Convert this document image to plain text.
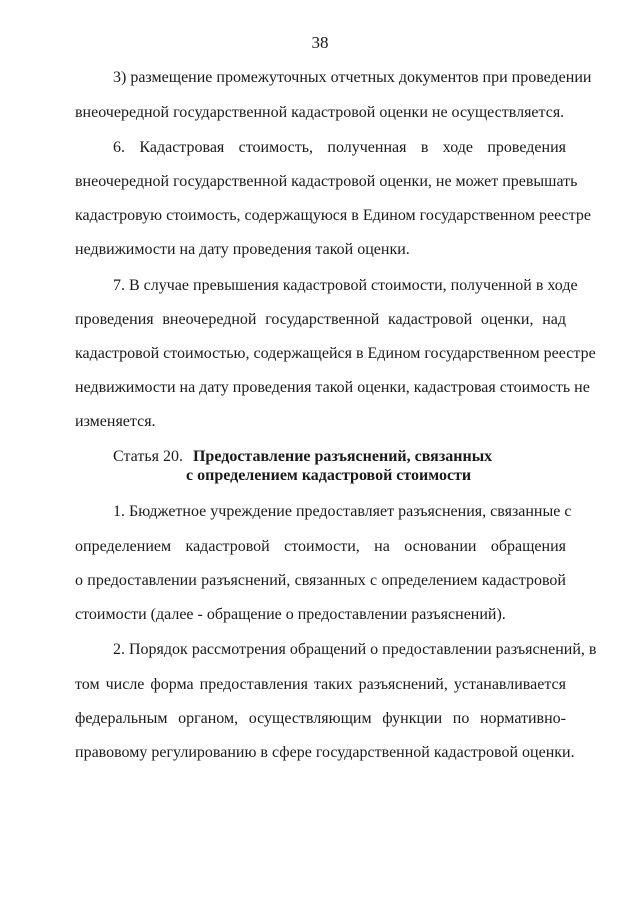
38
3) размещение промежуточных отчетных документов при проведении
внеочередной государственной кадастровой оценки не осуществляется.
6. Кадастровая стоимость, полученная в ходе проведения
внеочередной государственной кадастровой оценки, не может превышать
кадастровую стоимость, содержащуюся в Едином государственном реестре
недвижимости на дату проведения такой оценки.
7. В случае превышения кадастровой стоимости, полученной в ходе
проведения внеочередной государственной кадастровой оценки, над
кадастровой стоимостью, содержащейся в Едином государственном реестре
недвижимости на дату проведения такой оценки, кадастровая стоимость не
изменяется.
Статья 20. Предоставление разъяснений, связанных
с определением кадастровой стоимости
1. Бюджетное учреждение предоставляет разъяснения, связанные с
определением кадастровой стоимости, на основании обращения
о предоставлении разъяснений, связанных с определением кадастровой
стоимости (далее - обращение о предоставлении разъяснений).
2. Порядок рассмотрения обращений о предоставлении разъяснений, в
том числе форма предоставления таких разъяснений, устанавливается
федеральным органом, осуществляющим функции по нормативно-
правовому регулированию в сфере государственной кадастровой оценки.
